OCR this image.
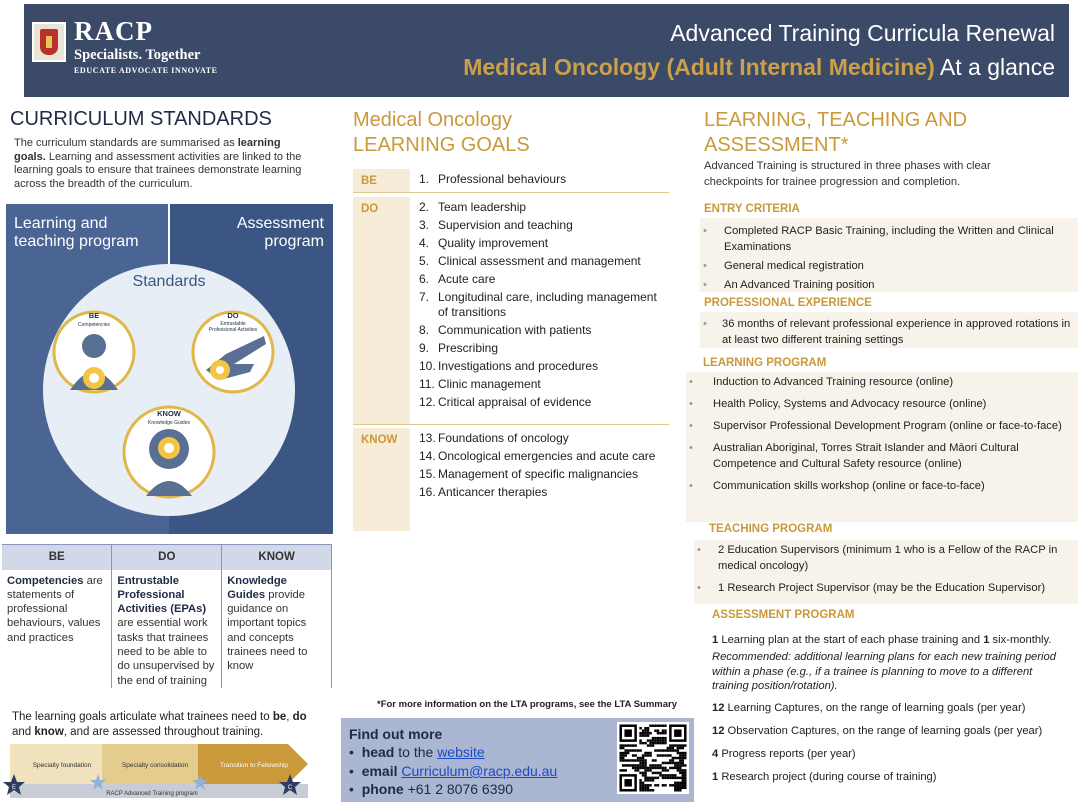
RACP
Specialists. Together
EDUCATE ADVOCATE INNOVATE
Advanced Training Curricula Renewal
Medical Oncology (Adult Internal Medicine) At a glance
CURRICULUM STANDARDS
The curriculum standards are summarised as learning goals. Learning and assessment activities are linked to the learning goals to ensure that trainees demonstrate learning across the breadth of the curriculum.
Learning and
teaching program
Assessment
program
Standards
BE
Competencies
DO
Entrustable
Professional Activities
KNOW
Knowledge Guides
BE	DO	KNOW
Competencies are statements of professional behaviours, values and practices	Entrustable Professional Activities (EPAs) are essential work tasks that trainees need to be able to do unsupervised by the end of training	Knowledge Guides provide guidance on important topics and concepts trainees need to know
The learning goals articulate what trainees need to be, do and know, and are assessed throughout training.
Specialty foundation	Specialty consolidation	Transition to Fellowship
RACP Advanced Training program
E	C
Medical Oncology
LEARNING GOALS
BE	1. Professional behaviours
DO	2. Team leadership
3. Supervision and teaching
4. Quality improvement
5. Clinical assessment and management
6. Acute care
7. Longitudinal care, including management of transitions
8. Communication with patients
9. Prescribing
10. Investigations and procedures
11. Clinic management
12. Critical appraisal of evidence
KNOW	13. Foundations of oncology
14. Oncological emergencies and acute care
15. Management of specific malignancies
16. Anticancer therapies
*For more information on the LTA programs, see the LTA Summary
Find out more
• head to the website
• email Curriculum@racp.edu.au
• phone +61 2 8076 6390
LEARNING, TEACHING AND
ASSESSMENT*
Advanced Training is structured in three phases with clear checkpoints for trainee progression and completion.
ENTRY CRITERIA
• Completed RACP Basic Training, including the Written and Clinical Examinations
• General medical registration
• An Advanced Training position
PROFESSIONAL EXPERIENCE
• 36 months of relevant professional experience in approved rotations in at least two different training settings
LEARNING PROGRAM
• Induction to Advanced Training resource (online)
• Health Policy, Systems and Advocacy resource (online)
• Supervisor Professional Development Program (online or face-to-face)
• Australian Aboriginal, Torres Strait Islander and Māori Cultural Competence and Cultural Safety resource (online)
• Communication skills workshop (online or face-to-face)
TEACHING PROGRAM
• 2 Education Supervisors (minimum 1 who is a Fellow of the RACP in medical oncology)
• 1 Research Project Supervisor (may be the Education Supervisor)
ASSESSMENT PROGRAM
1 Learning plan at the start of each phase training and 1 six-monthly.
Recommended: additional learning plans for each new training period within a phase (e.g., if a trainee is planning to move to a different training position/rotation).
12 Learning Captures, on the range of learning goals (per year)
12 Observation Captures, on the range of learning goals (per year)
4 Progress reports (per year)
1 Research project (during course of training)
